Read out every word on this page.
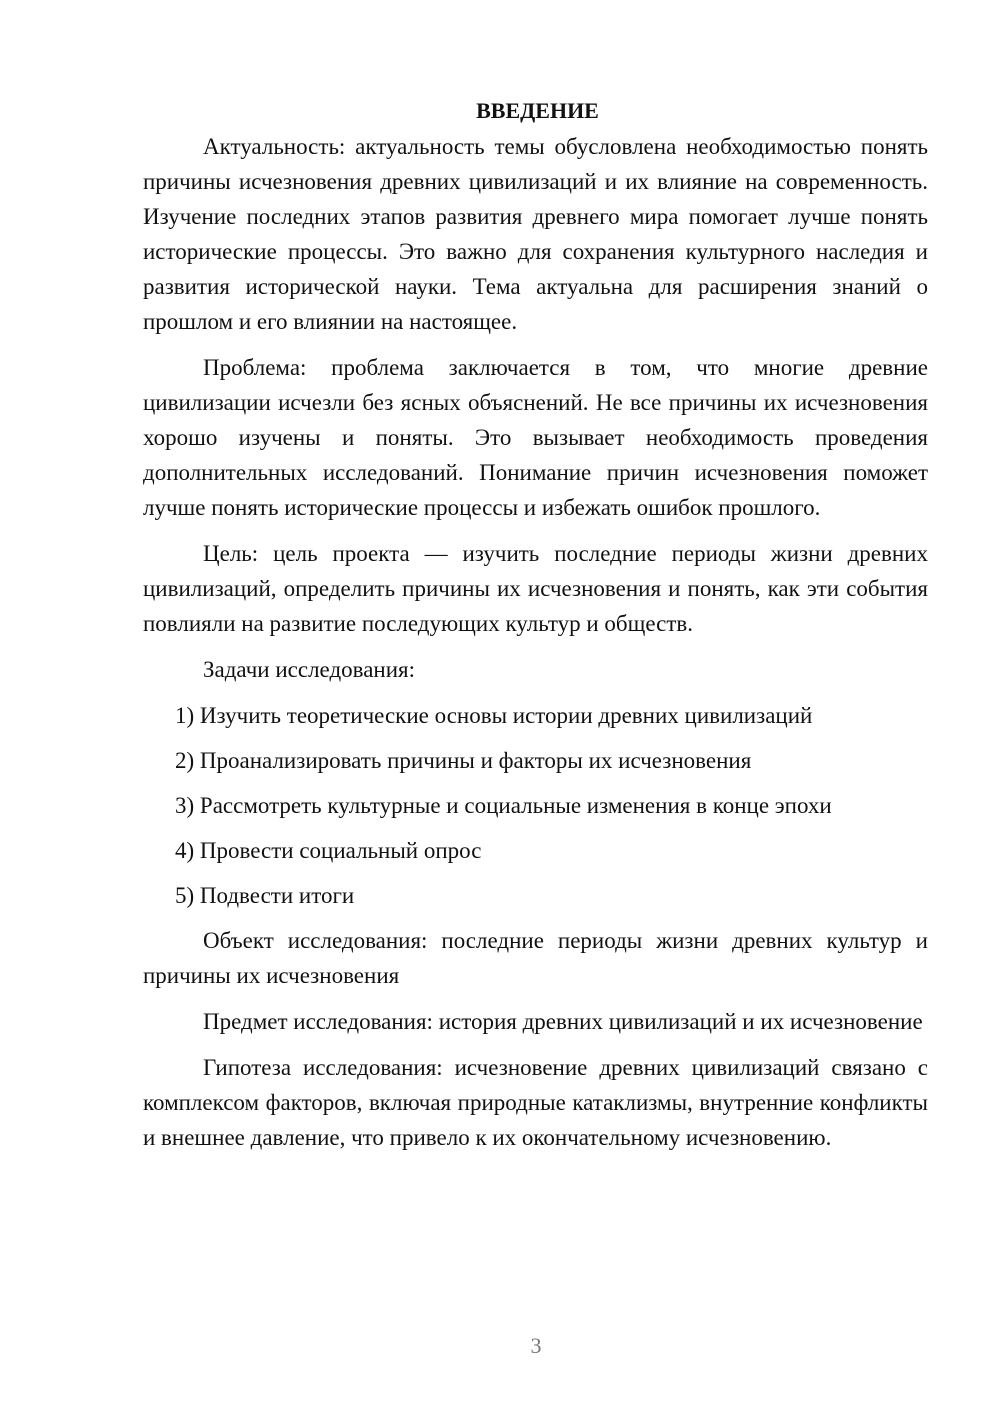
ВВЕДЕНИЕ

Актуальность: актуальность темы обусловлена необходимостью понять причины исчезновения древних цивилизаций и их влияние на современность. Изучение последних этапов развития древнего мира помогает лучше понять исторические процессы. Это важно для сохранения культурного наследия и развития исторической науки. Тема актуальна для расширения знаний о прошлом и его влиянии на настоящее.

Проблема: проблема заключается в том, что многие древние цивилизации исчезли без ясных объяснений. Не все причины их исчезновения хорошо изучены и поняты. Это вызывает необходимость проведения дополнительных исследований. Понимание причин исчезновения поможет лучше понять исторические процессы и избежать ошибок прошлого.

Цель: цель проекта — изучить последние периоды жизни древних цивилизаций, определить причины их исчезновения и понять, как эти события повлияли на развитие последующих культур и обществ.

Задачи исследования:

1) Изучить теоретические основы истории древних цивилизаций
2) Проанализировать причины и факторы их исчезновения
3) Рассмотреть культурные и социальные изменения в конце эпохи
4) Провести социальный опрос
5) Подвести итоги

Объект исследования: последние периоды жизни древних культур и причины их исчезновения

Предмет исследования: история древних цивилизаций и их исчезновение

Гипотеза исследования: исчезновение древних цивилизаций связано с комплексом факторов, включая природные катаклизмы, внутренние конфликты и внешнее давление, что привело к их окончательному исчезновению.

3
